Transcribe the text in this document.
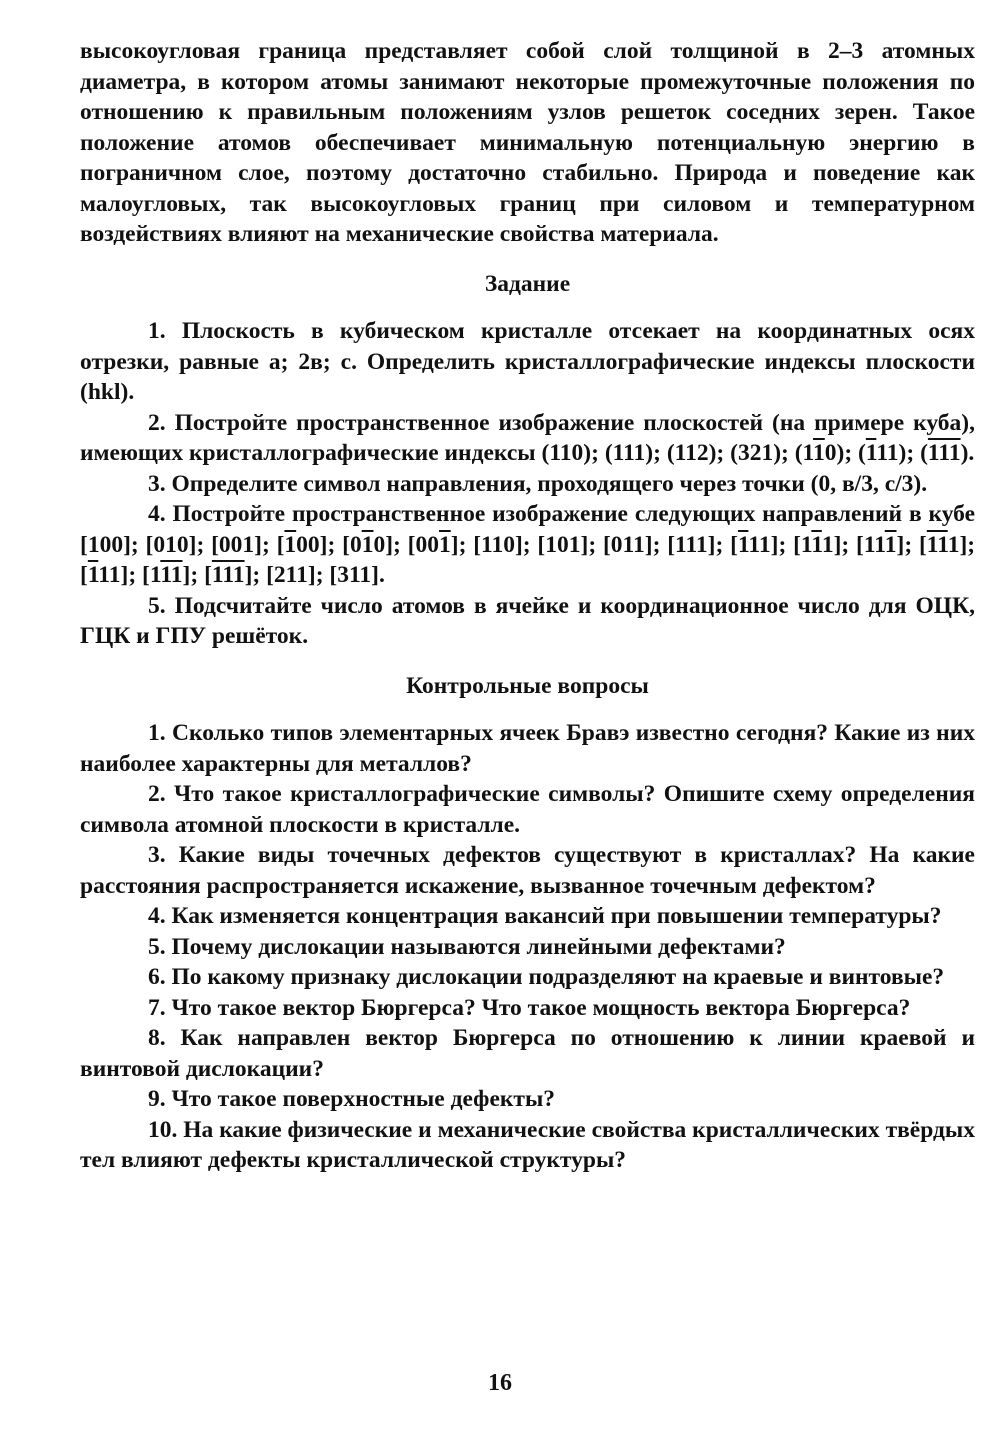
высокоугловая граница представляет собой слой толщиной в 2–3 атомных диаметра, в котором атомы занимают некоторые промежуточные положения по отношению к правильным положениям узлов решеток соседних зерен. Такое положение атомов обеспечивает минимальную потенциальную энергию в пограничном слое, поэтому достаточно стабильно. Природа и поведение как малоугловых, так высокоугловых границ при силовом и температурном воздействиях влияют на механические свойства материала.

Задание

1. Плоскость в кубическом кристалле отсекает на координатных осях отрезки, равные а; 2в; с. Определить кристаллографические индексы плоскости (hkl).

2. Постройте пространственное изображение плоскостей (на примере куба), имеющих кристаллографические индексы (110); (111); (112); (321); (110); (111); (111).

3. Определите символ направления, проходящего через точки (0, в/3, с/3).

4. Постройте пространственное изображение следующих направлений в кубе [100]; [010]; [001]; [100]; [010]; [001]; [110]; [101]; [011]; [111]; [111]; [111]; [111]; [111]; [111]; [111]; [111]; [211]; [311].

5. Подсчитайте число атомов в ячейке и координационное число для ОЦК, ГЦК и ГПУ решёток.

Контрольные вопросы

1. Сколько типов элементарных ячеек Бравэ известно сегодня? Какие из них наиболее характерны для металлов?

2. Что такое кристаллографические символы? Опишите схему определения символа атомной плоскости в кристалле.

3. Какие виды точечных дефектов существуют в кристаллах? На какие расстояния распространяется искажение, вызванное точечным дефектом?

4. Как изменяется концентрация вакансий при повышении температуры?

5. Почему дислокации называются линейными дефектами?

6. По какому признаку дислокации подразделяют на краевые и винтовые?

7. Что такое вектор Бюргерса? Что такое мощность вектора Бюргерса?

8. Как направлен вектор Бюргерса по отношению к линии краевой и винтовой дислокации?

9. Что такое поверхностные дефекты?

10. На какие физические и механические свойства кристаллических твёрдых тел влияют дефекты кристаллической структуры?

16
